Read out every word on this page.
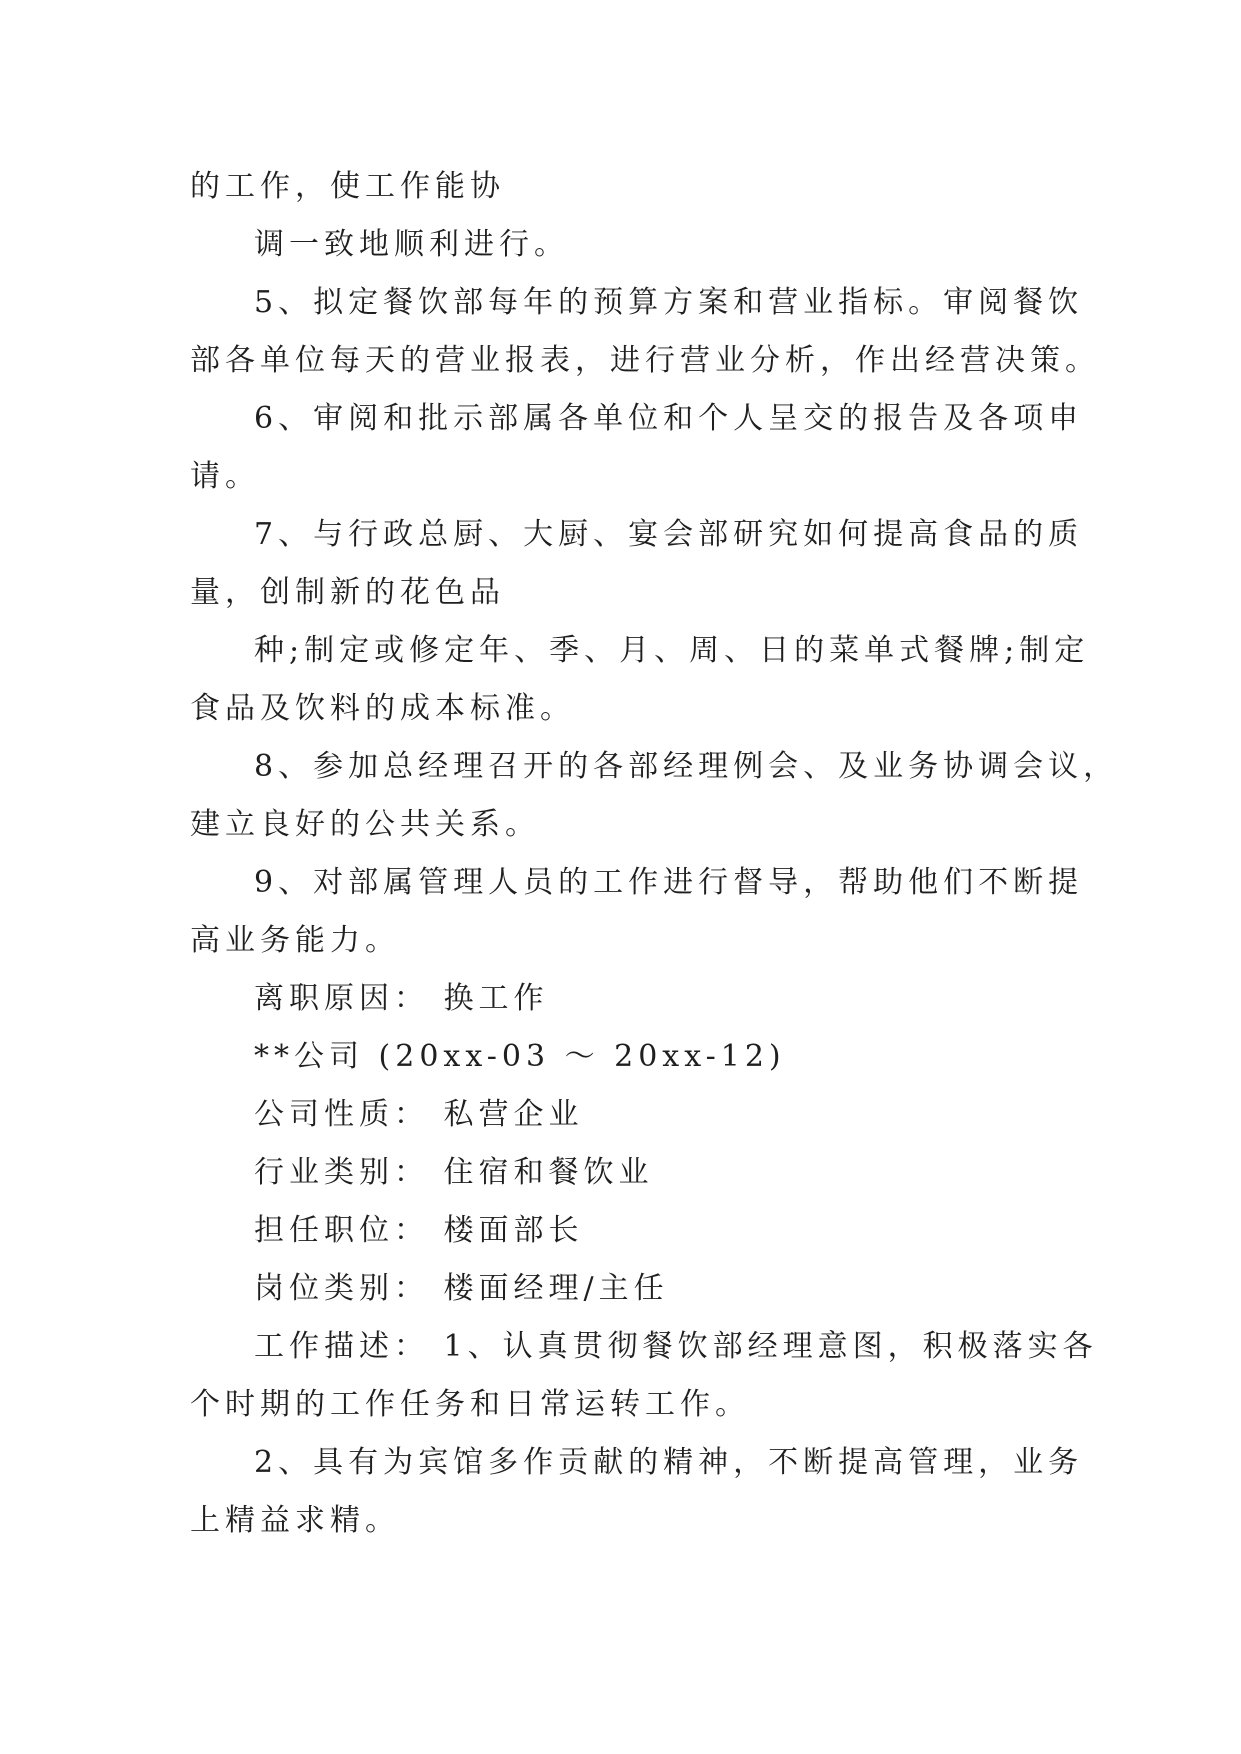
的工作，使工作能协
调一致地顺利进行。
5、拟定餐饮部每年的预算方案和营业指标。审阅餐饮
部各单位每天的营业报表，进行营业分析，作出经营决策。
6、审阅和批示部属各单位和个人呈交的报告及各项申
请。
7、与行政总厨、大厨、宴会部研究如何提高食品的质
量，创制新的花色品
种;制定或修定年、季、月、周、日的菜单式餐牌;制定
食品及饮料的成本标准。
8、参加总经理召开的各部经理例会、及业务协调会议，
建立良好的公共关系。
9、对部属管理人员的工作进行督导，帮助他们不断提
高业务能力。
离职原因： 换工作
**公司 (20xx-03 ～ 20xx-12)
公司性质： 私营企业
行业类别： 住宿和餐饮业
担任职位： 楼面部长
岗位类别： 楼面经理/主任
工作描述： 1、认真贯彻餐饮部经理意图，积极落实各
个时期的工作任务和日常运转工作。
2、具有为宾馆多作贡献的精神，不断提高管理，业务
上精益求精。
